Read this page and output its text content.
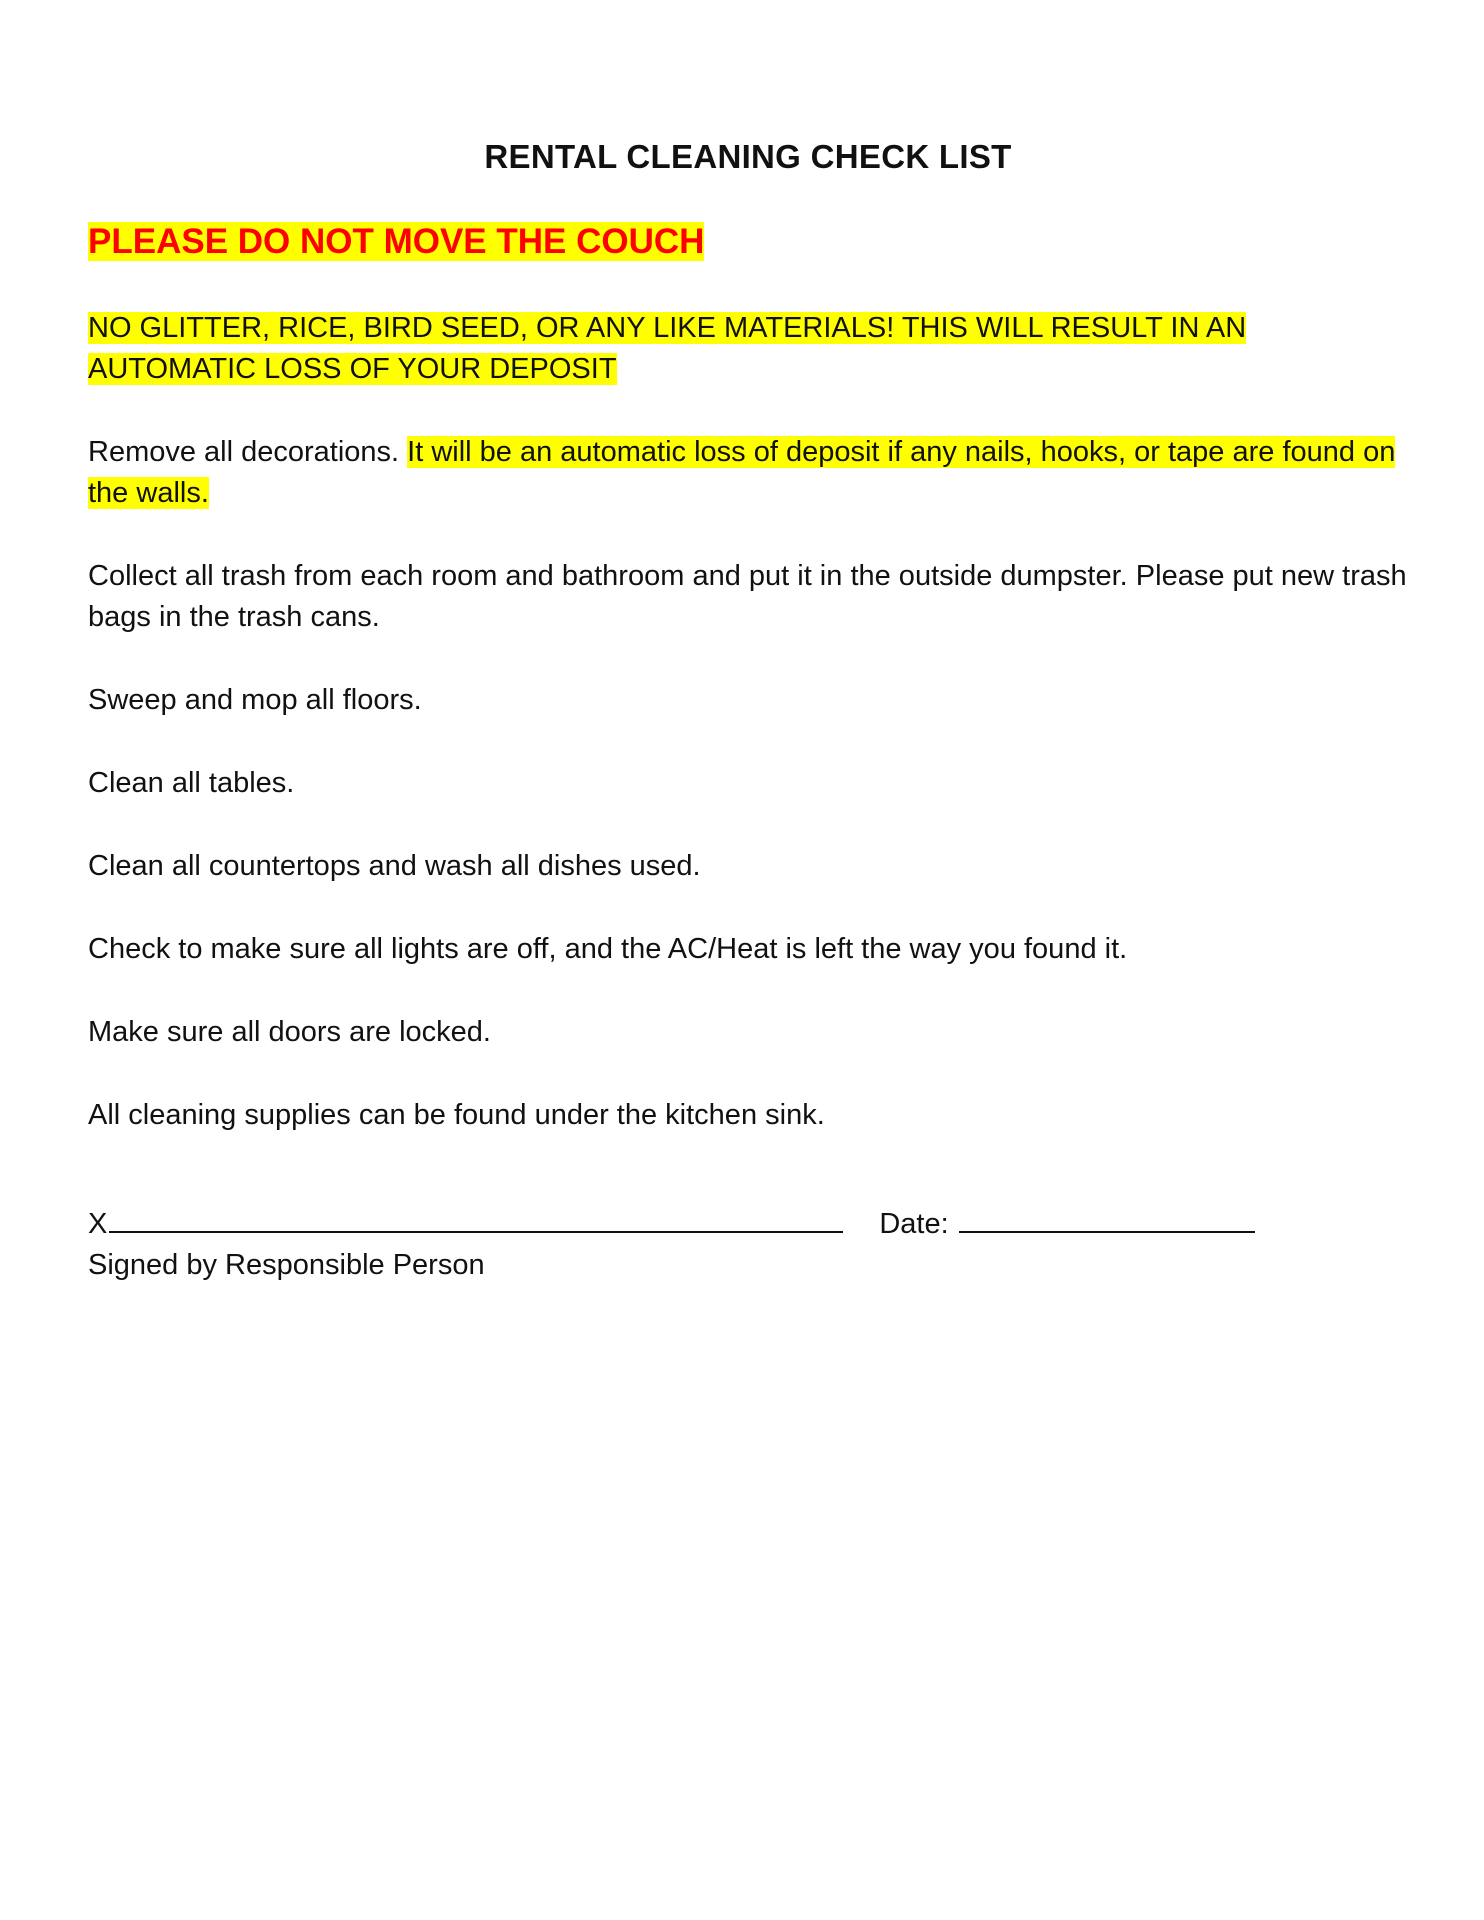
RENTAL CLEANING CHECK LIST
PLEASE DO NOT MOVE THE COUCH
NO GLITTER, RICE, BIRD SEED, OR ANY LIKE MATERIALS! THIS WILL RESULT IN AN AUTOMATIC LOSS OF YOUR DEPOSIT
Remove all decorations. It will be an automatic loss of deposit if any nails, hooks, or tape are found on the walls.
Collect all trash from each room and bathroom and put it in the outside dumpster. Please put new trash bags in the trash cans.
Sweep and mop all floors.
Clean all tables.
Clean all countertops and wash all dishes used.
Check to make sure all lights are off, and the AC/Heat is left the way you found it.
Make sure all doors are locked.
All cleaning supplies can be found under the kitchen sink.
X	Date:
Signed by Responsible Person
